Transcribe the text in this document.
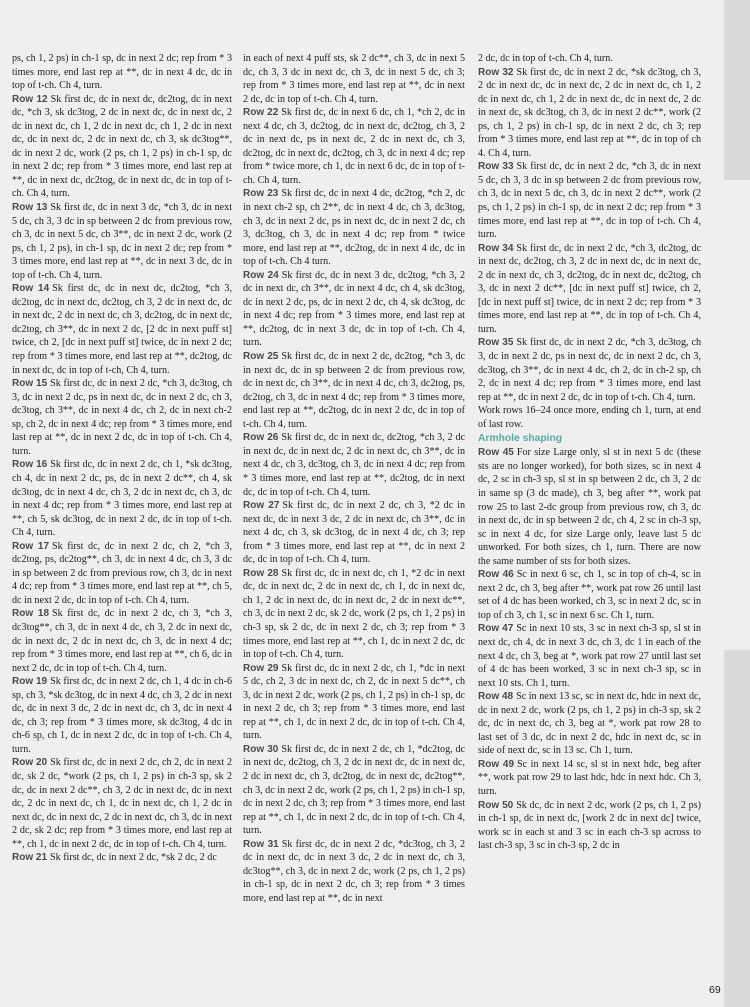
ps, ch 1, 2 ps) in ch-1 sp, dc in next 2 dc; rep from * 3 times more, end last rep at **, dc in next 4 dc, dc in top of t-ch. Ch 4, turn.

Row 12 Sk first dc, dc in next dc, dc2tog, dc in next dc, *ch 3, sk dc3tog, 2 dc in next dc, dc in next dc, 2 dc in next dc, ch 1, 2 dc in next dc, ch 1, 2 dc in next dc, dc in next dc, 2 dc in next dc, ch 3, sk dc3tog**, dc in next 2 dc, work (2 ps, ch 1, 2 ps) in ch-1 sp, dc in next 2 dc; rep from * 3 times more, end last rep at **, dc in next dc, dc2tog, dc in next dc, dc in top of t-ch. Ch 4, turn.

Row 13 Sk first dc, dc in next 3 dc, *ch 3, dc in next 5 dc, ch 3, 3 dc in sp between 2 dc from previous row, ch 3, dc in next 5 dc, ch 3**, dc in next 2 dc, work (2 ps, ch 1, 2 ps), in ch-1 sp, dc in next 2 dc; rep from * 3 times more, end last rep at **, dc in next 3 dc, dc in top of t-ch. Ch 4, turn.

Row 14 Sk first dc, dc in next dc, dc2tog, *ch 3, dc2tog, dc in next dc, dc2tog, ch 3, 2 dc in next dc, dc in next dc, 2 dc in next dc, ch 3, dc2tog, dc in next dc, dc2tog, ch 3**, dc in next 2 dc, [2 dc in next puff st] twice, ch 2, [dc in next puff st] twice, dc in next 2 dc; rep from * 3 times more, end last rep at **, dc2tog, dc in next dc, dc in top of t-ch, Ch 4, turn.

Row 15 Sk first dc, dc in next 2 dc, *ch 3, dc3tog, ch 3, dc in next 2 dc, ps in next dc, dc in next 2 dc, ch 3, dc3tog, ch 3**, dc in next 4 dc, ch 2, dc in next ch-2 sp, ch 2, dc in next 4 dc; rep from * 3 times more, end last rep at **, dc in next 2 dc, dc in top of t-ch. Ch 4, turn.

Row 16 Sk first dc, dc in next 2 dc, ch 1, *sk dc3tog, ch 4, dc in next 2 dc, ps, dc in next 2 dc**, ch 4, sk dc3tog, dc in next 4 dc, ch 3, 2 dc in next dc, ch 3, dc in next 4 dc; rep from * 3 times more, end last rep at **, ch 5, sk dc3tog, dc in next 2 dc, dc in top of t-ch. Ch 4, turn.

Row 17 Sk first dc, dc in next 2 dc, ch 2, *ch 3, dc2tog, ps, dc2tog**, ch 3, dc in next 4 dc, ch 3, 3 dc in sp between 2 dc from previous row, ch 3, dc in next 4 dc; rep from * 3 times more, end last rep at **, ch 5, dc in next 2 dc, dc in top of t-ch. Ch 4, turn.

Row 18 Sk first dc, dc in next 2 dc, ch 3, *ch 3, dc3tog**, ch 3, dc in next 4 dc, ch 3, 2 dc in next dc, dc in next dc, 2 dc in next dc, ch 3, dc in next 4 dc; rep from * 3 times more, end last rep at **, ch 6, dc in next 2 dc, dc in top of t-ch. Ch 4, turn.

Row 19 Sk first dc, dc in next 2 dc, ch 1, 4 dc in ch-6 sp, ch 3, *sk dc3tog, dc in next 4 dc, ch 3, 2 dc in next dc, dc in next 3 dc, 2 dc in next dc, ch 3, dc in next 4 dc, ch 3; rep from * 3 times more, sk dc3tog, 4 dc in ch-6 sp, ch 1, dc in next 2 dc, dc in top of t-ch. Ch 4, turn.

Row 20 Sk first dc, dc in next 2 dc, ch 2, dc in next 2 dc, sk 2 dc, *work (2 ps, ch 1, 2 ps) in ch-3 sp, sk 2 dc, dc in next 2 dc**, ch 3, 2 dc in next dc, dc in next dc, 2 dc in next dc, ch 1, dc in next dc, ch 1, 2 dc in next dc, dc in next dc, 2 dc in next dc, ch 3, dc in next 2 dc, sk 2 dc; rep from * 3 times more, end last rep at **, ch 1, dc in next 2 dc, dc in top of t-ch. Ch 4, turn.

Row 21 Sk first dc, dc in next 2 dc, *sk 2 dc, 2 dc

in each of next 4 puff sts, sk 2 dc**, ch 3, dc in next 5 dc, ch 3, 3 dc in next dc, ch 3, dc in next 5 dc, ch 3; rep from * 3 times more, end last rep at **, dc in next 2 dc, dc in top of t-ch. Ch 4, turn.

Row 22 Sk first dc, dc in next 6 dc, ch 1, *ch 2, dc in next 4 dc, ch 3, dc2tog, dc in next dc, dc2tog, ch 3, 2 dc in next dc, ps in next dc, 2 dc in next dc, ch 3, dc2tog, dc in next dc, dc2tog, ch 3, dc in next 4 dc; rep from * twice more, ch 1, dc in next 6 dc, dc in top of t-ch. Ch 4, turn.

Row 23 Sk first dc, dc in next 4 dc, dc2tog, *ch 2, dc in next ch-2 sp, ch 2**, dc in next 4 dc, ch 3, dc3tog, ch 3, dc in next 2 dc, ps in next dc, dc in next 2 dc, ch 3, dc3tog, ch 3, dc in next 4 dc; rep from * twice more, end last rep at **, dc2tog, dc in next 4 dc, dc in top of t-ch. Ch 4 turn.

Row 24 Sk first dc, dc in next 3 dc, dc2tog, *ch 3, 2 dc in next dc, ch 3**, dc in next 4 dc, ch 4, sk dc3tog, dc in next 2 dc, ps, dc in next 2 dc, ch 4, sk dc3tog, dc in next 4 dc; rep from * 3 times more, end last rep at **, dc2tog, dc in next 3 dc, dc in top of t-ch. Ch 4, turn.

Row 25 Sk first dc, dc in next 2 dc, dc2tog, *ch 3, dc in next dc, dc in sp between 2 dc from previous row, dc in next dc, ch 3**, dc in next 4 dc, ch 3, dc2tog, ps, dc2tog, ch 3, dc in next 4 dc; rep from * 3 times more, end last rep at **, dc2tog, dc in next 2 dc, dc in top of t-ch. Ch 4, turn.

Row 26 Sk first dc, dc in next dc, dc2tog, *ch 3, 2 dc in next dc, dc in next dc, 2 dc in next dc, ch 3**, dc in next 4 dc, ch 3, dc3tog, ch 3, dc in next 4 dc; rep from * 3 times more, end last rep at **, dc2tog, dc in next dc, dc in top of t-ch. Ch 4, turn.

Row 27 Sk first dc, dc in next 2 dc, ch 3, *2 dc in next dc, dc in next 3 dc, 2 dc in next dc, ch 3**, dc in next 4 dc, ch 3, sk dc3tog, dc in next 4 dc, ch 3; rep from * 3 times more, end last rep at **, dc in next 2 dc, dc in top of t-ch. Ch 4, turn.

Row 28 Sk first dc, dc in next dc, ch 1, *2 dc in next dc, dc in next dc, 2 dc in next dc, ch 1, dc in next dc, ch 1, 2 dc in next dc, dc in next dc, 2 dc in next dc**, ch 3, dc in next 2 dc, sk 2 dc, work (2 ps, ch 1, 2 ps) in ch-3 sp, sk 2 dc, dc in next 2 dc, ch 3; rep from * 3 times more, end last rep at **, ch 1, dc in next 2 dc, dc in top of t-ch. Ch 4, turn.

Row 29 Sk first dc, dc in next 2 dc, ch 1, *dc in next 5 dc, ch 2, 3 dc in next dc, ch 2, dc in next 5 dc**, ch 3, dc in next 2 dc, work (2 ps, ch 1, 2 ps) in ch-1 sp, dc in next 2 dc, ch 3; rep from * 3 times more, end last rep at **, ch 1, dc in next 2 dc, dc in top of t-ch. Ch 4, turn.

Row 30 Sk first dc, dc in next 2 dc, ch 1, *dc2tog, dc in next dc, dc2tog, ch 3, 2 dc in next dc, dc in next dc, 2 dc in next dc, ch 3, dc2tog, dc in next dc, dc2tog**, ch 3, dc in next 2 dc, work (2 ps, ch 1, 2 ps) in ch-1 sp, dc in next 2 dc, ch 3; rep from * 3 times more, end last rep at **, ch 1, dc in next 2 dc, dc in top of t-ch. Ch 4, turn.

Row 31 Sk first dc, dc in next 2 dc, *dc3tog, ch 3, 2 dc in next dc, dc in next 3 dc, 2 dc in next dc, ch 3, dc3tog**, ch 3, dc in next 2 dc, work (2 ps, ch 1, 2 ps) in ch-1 sp, dc in next 2 dc, ch 3; rep from * 3 times more, end last rep at **, dc in next

2 dc, dc in top of t-ch. Ch 4, turn.

Row 32 Sk first dc, dc in next 2 dc, *sk dc3tog, ch 3, 2 dc in next dc, dc in next dc, 2 dc in next dc, ch 1, 2 dc in next dc, ch 1, 2 dc in next dc, dc in next dc, 2 dc in next dc, sk dc3tog, ch 3, dc in next 2 dc**, work (2 ps, ch 1, 2 ps) in ch-1 sp, dc in next 2 dc, ch 3; rep from * 3 times more, end last rep at **, dc in top of ch 4. Ch 4, turn.

Row 33 Sk first dc, dc in next 2 dc, *ch 3, dc in next 5 dc, ch 3, 3 dc in sp between 2 dc from previous row, ch 3, dc in next 5 dc, ch 3, dc in next 2 dc**, work (2 ps, ch 1, 2 ps) in ch-1 sp, dc in next 2 dc; rep from * 3 times more, end last rep at **, dc in top of t-ch. Ch 4, turn.

Row 34 Sk first dc, dc in next 2 dc, *ch 3, dc2tog, dc in next dc, dc2tog, ch 3, 2 dc in next dc, dc in next dc, 2 dc in next dc, ch 3, dc2tog, dc in next dc, dc2tog, ch 3, dc in next 2 dc**, [dc in next puff st] twice, ch 2, [dc in next puff st] twice, dc in next 2 dc; rep from * 3 times more, end last rep at **, dc in top of t-ch. Ch 4, turn.

Row 35 Sk first dc, dc in next 2 dc, *ch 3, dc3tog, ch 3, dc in next 2 dc, ps in next dc, dc in next 2 dc, ch 3, dc3tog, ch 3**, dc in next 4 dc, ch 2, dc in ch-2 sp, ch 2, dc in next 4 dc; rep from * 3 times more, end last rep at **, dc in next 2 dc, dc in top of t-ch. Ch 4, turn.

Work rows 16–24 once more, ending ch 1, turn, at end of last row.

Armhole shaping

Row 45 For size Large only, sl st in next 5 dc (these sts are no longer worked), for both sizes, sc in next 4 dc, 2 sc in ch-3 sp, sl st in sp between 2 dc, ch 3, 2 dc in same sp (3 dc made), ch 3, beg after **, work pat row 25 to last 2-dc group from previous row, ch 3, dc in next dc, dc in sp between 2 dc, ch 4, 2 sc in ch-3 sp, sc in next 4 dc, for size Large only, leave last 5 dc unworked. For both sizes, ch 1, turn. There are now the same number of sts for both sizes.

Row 46 Sc in next 6 sc, ch 1, sc in top of ch-4, sc in next 2 dc, ch 3, beg after **, work pat row 26 until last set of 4 dc has been worked, ch 3, sc in next 2 dc, sc in top of ch 3, ch 1, sc in next 6 sc. Ch 1, turn.

Row 47 Sc in next 10 sts, 3 sc in next ch-3 sp, sl st in next dc, ch 4, dc in next 3 dc, ch 3, dc 1 in each of the next 4 dc, ch 3, beg at *, work pat row 27 until last set of 4 dc has been worked, 3 sc in next ch-3 sp, sc in next 10 sts. Ch 1, turn.

Row 48 Sc in next 13 sc, sc in next dc, hdc in next dc, dc in next 2 dc, work (2 ps, ch 1, 2 ps) in ch-3 sp, sk 2 dc, dc in next dc, ch 3, beg at *, work pat row 28 to last set of 3 dc, dc in next 2 dc, hdc in next dc, sc in side of next dc, sc in 13 sc. Ch 1, turn.

Row 49 Sc in next 14 sc, sl st in next hdc, beg after **, work pat row 29 to last hdc, hdc in next hdc. Ch 3, turn.

Row 50 Sk dc, dc in next 2 dc, work (2 ps, ch 1, 2 ps) in ch-1 sp, dc in next dc, [work 2 dc in next dc] twice, work sc in each st and 3 sc in each ch-3 sp across to last ch-3 sp, 3 sc in ch-3 sp, 2 dc in

69
